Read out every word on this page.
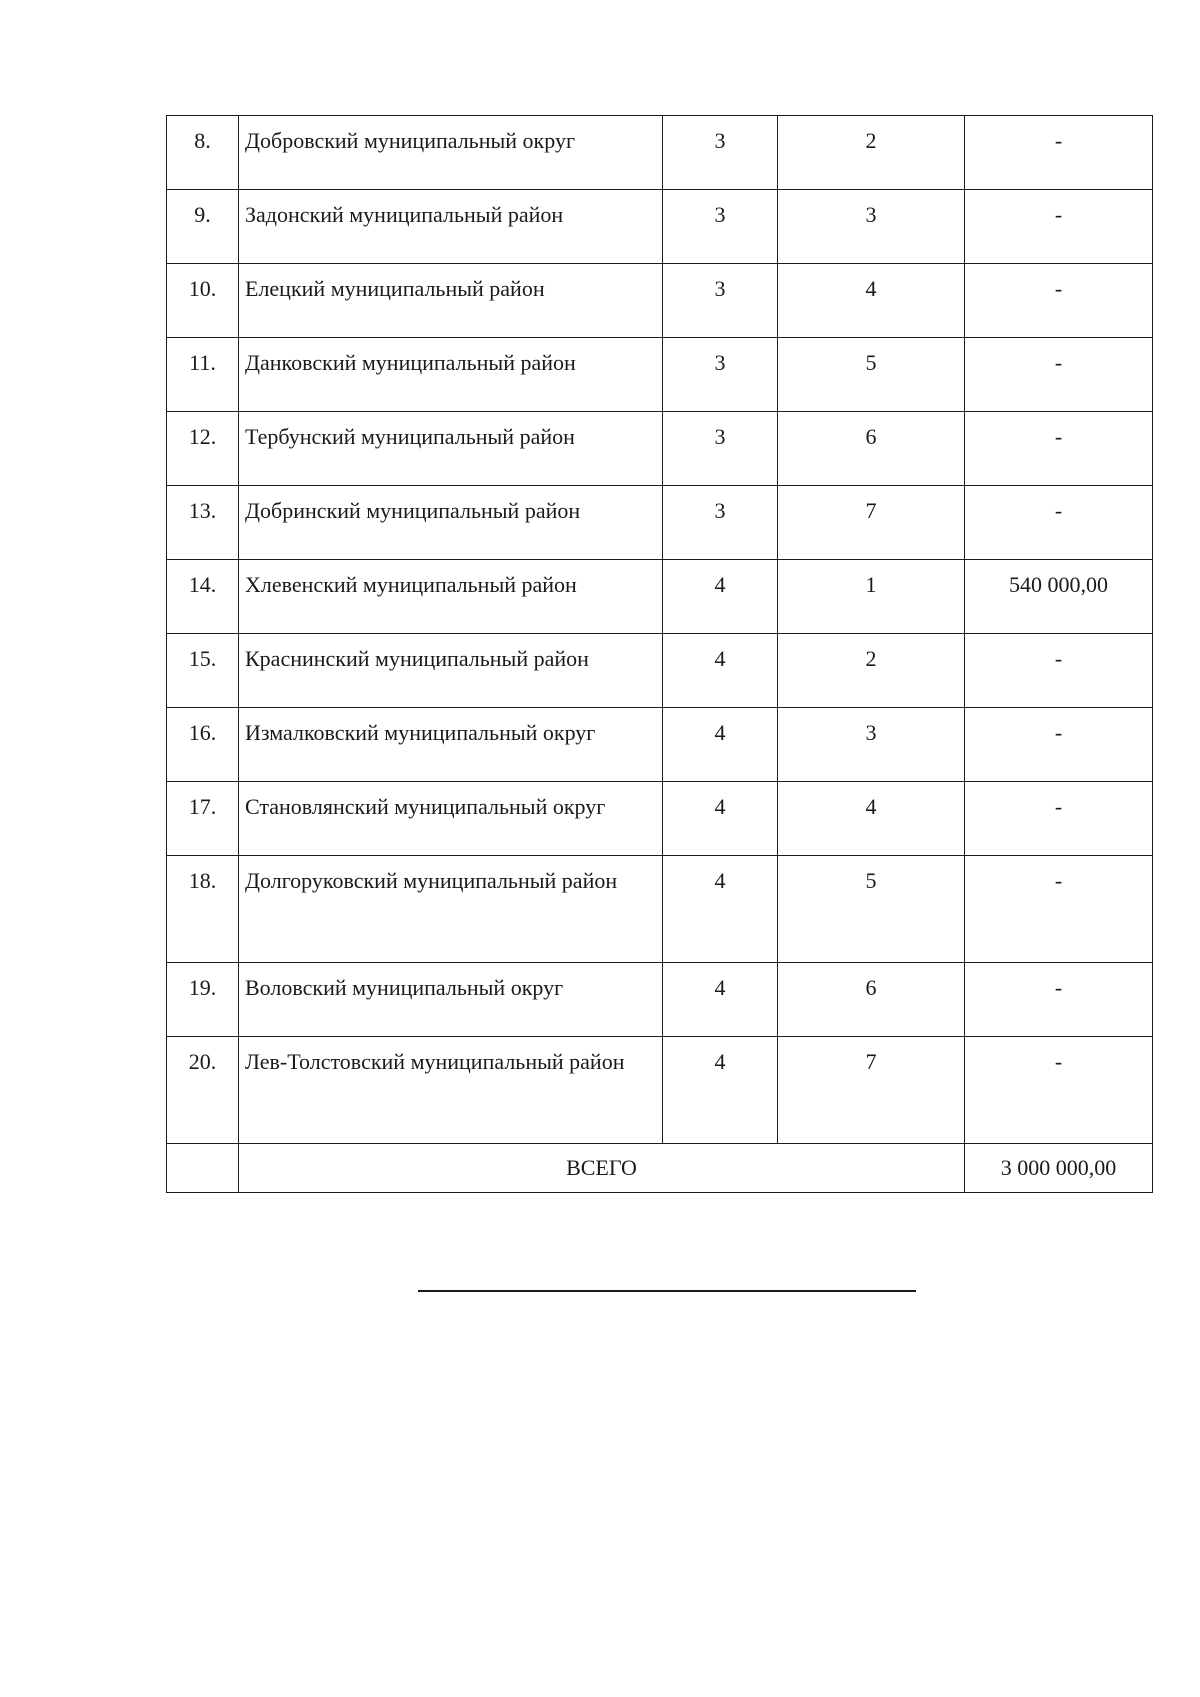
8.	Добровский муниципальный округ	3	2	-
9.	Задонский муниципальный район	3	3	-
10.	Елецкий муниципальный район	3	4	-
11.	Данковский муниципальный район	3	5	-
12.	Тербунский муниципальный район	3	6	-
13.	Добринский муниципальный район	3	7	-
14.	Хлевенский муниципальный район	4	1	540 000,00
15.	Краснинский муниципальный район	4	2	-
16.	Измалковский муниципальный округ	4	3	-
17.	Становлянский муниципальный округ	4	4	-
18.	Долгоруковский муниципальный район	4	5	-
19.	Воловский муниципальный округ	4	6	-
20.	Лев-Толстовский муниципальный район	4	7	-
	ВСЕГО			3 000 000,00
